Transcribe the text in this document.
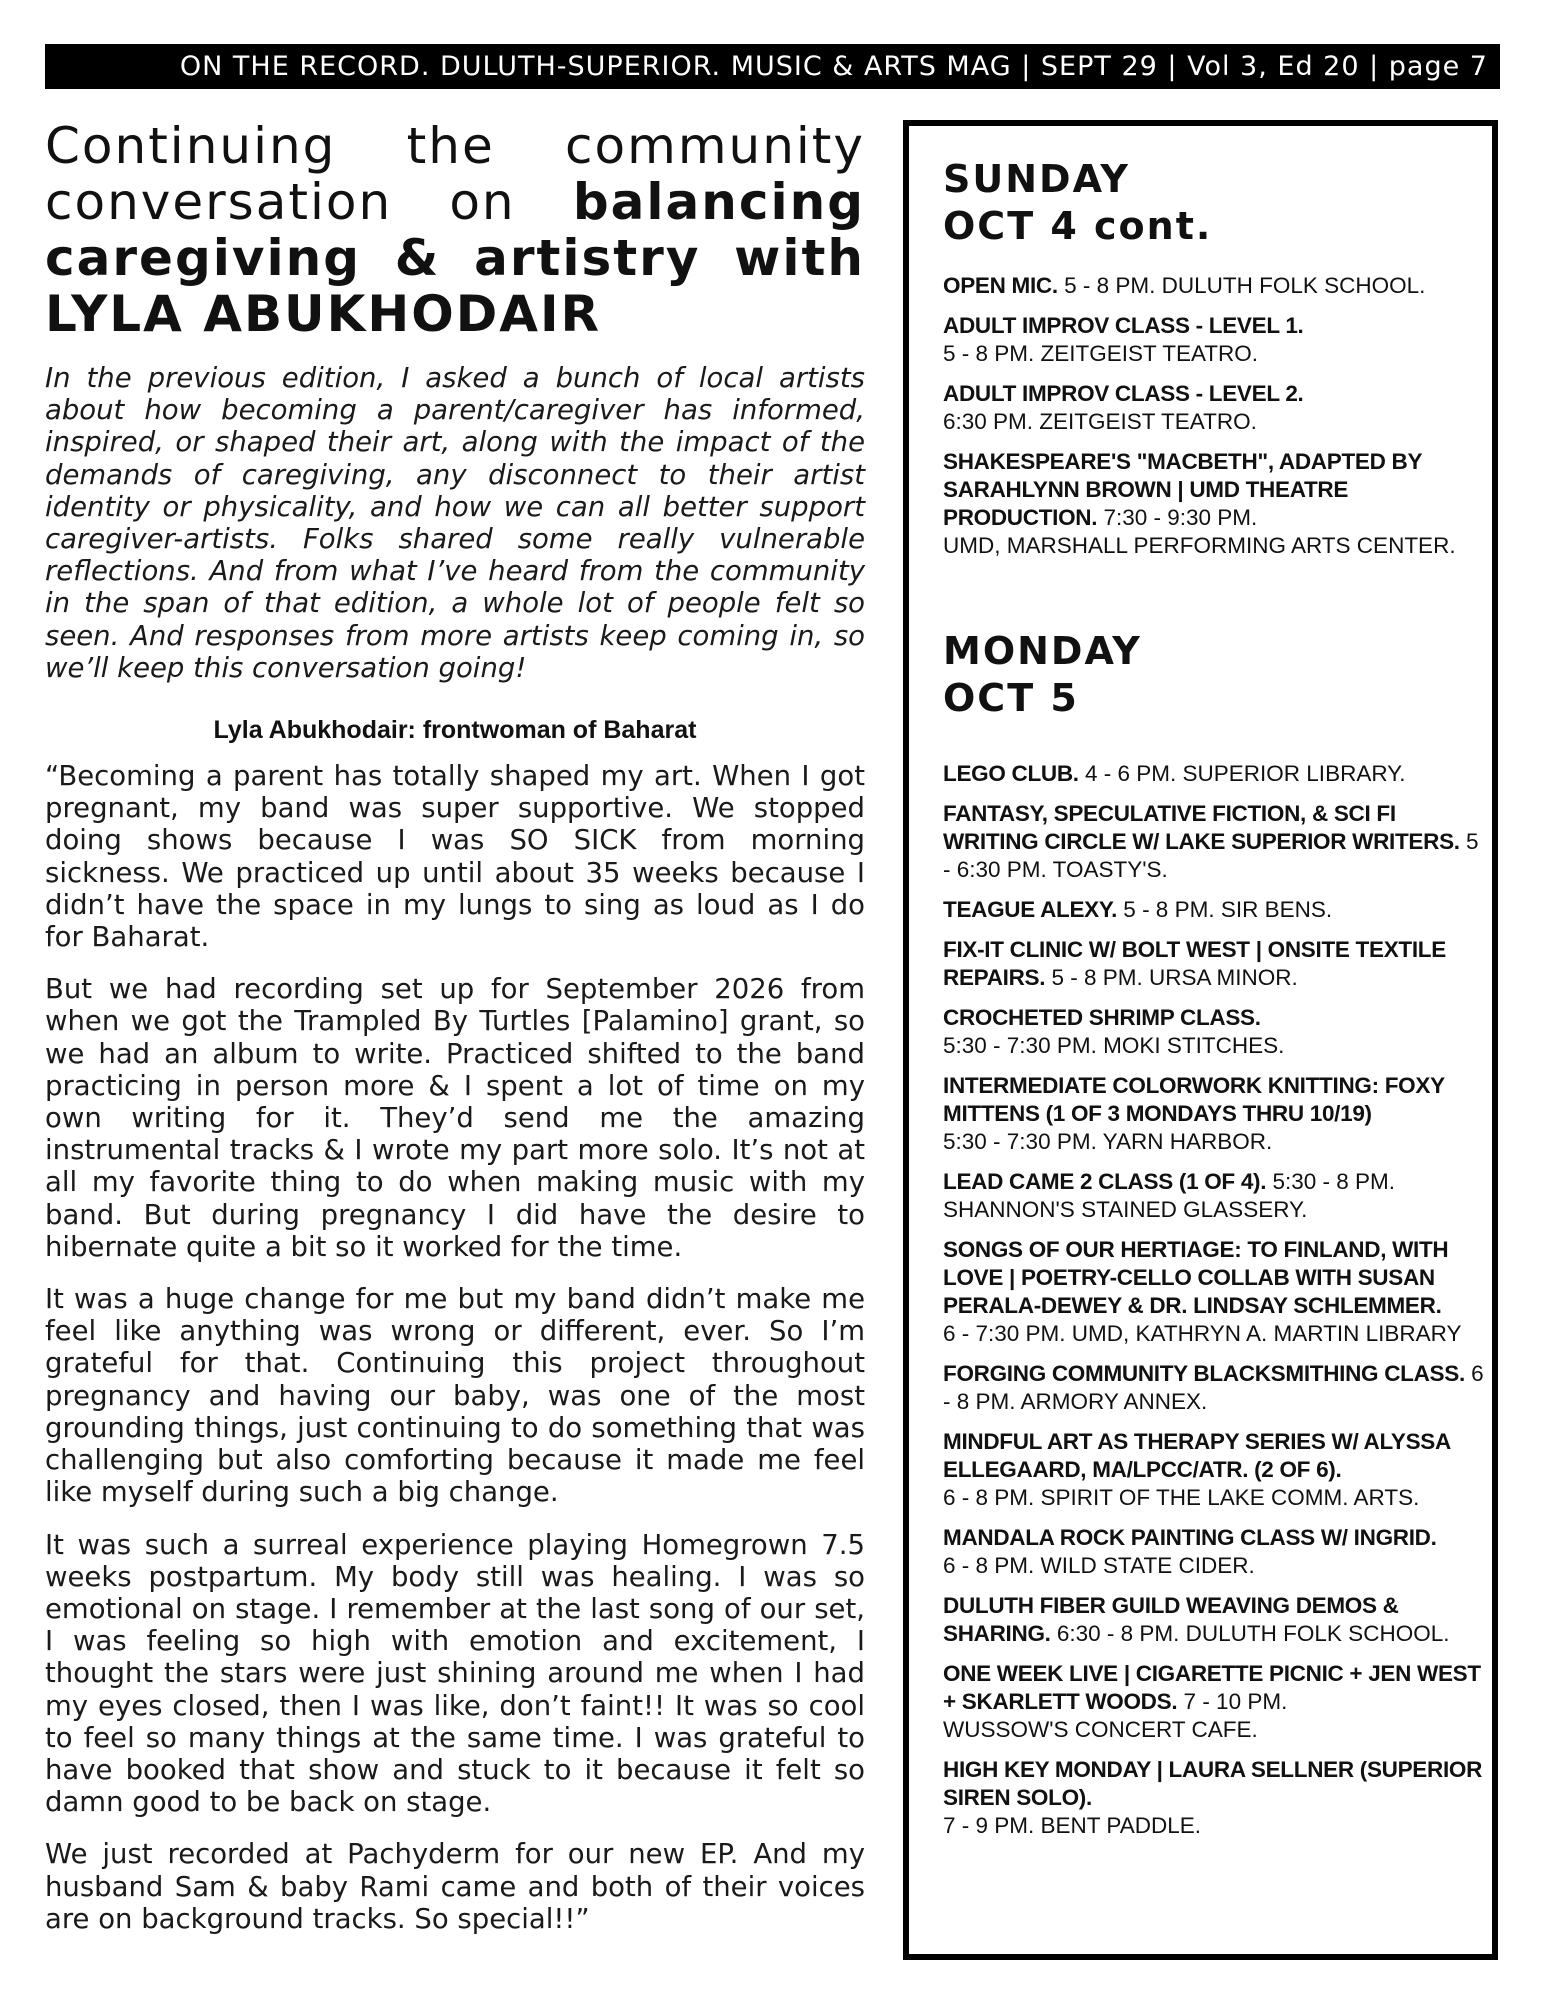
ON THE RECORD. DULUTH-SUPERIOR. MUSIC & ARTS MAG | SEPT 29 | Vol 3, Ed 20 | page 7
Continuing the community conversation on balancing caregiving & artistry with LYLA ABUKHODAIR

In the previous edition, I asked a bunch of local artists about how becoming a parent/caregiver has informed, inspired, or shaped their art, along with the impact of the demands of caregiving, any disconnect to their artist identity or physicality, and how we can all better support caregiver-artists. Folks shared some really vulnerable reflections. And from what I’ve heard from the community in the span of that edition, a whole lot of people felt so seen. And responses from more artists keep coming in, so we’ll keep this conversation going!

Lyla Abukhodair: frontwoman of Baharat

“Becoming a parent has totally shaped my art. When I got pregnant, my band was super supportive. We stopped doing shows because I was SO SICK from morning sickness. We practiced up until about 35 weeks because I didn’t have the space in my lungs to sing as loud as I do for Baharat.

But we had recording set up for September 2026 from when we got the Trampled By Turtles [Palamino] grant, so we had an album to write. Practiced shifted to the band practicing in person more & I spent a lot of time on my own writing for it. They’d send me the amazing instrumental tracks & I wrote my part more solo. It’s not at all my favorite thing to do when making music with my band. But during pregnancy I did have the desire to hibernate quite a bit so it worked for the time.

It was a huge change for me but my band didn’t make me feel like anything was wrong or different, ever. So I’m grateful for that. Continuing this project throughout pregnancy and having our baby, was one of the most grounding things, just continuing to do something that was challenging but also comforting because it made me feel like myself during such a big change.

It was such a surreal experience playing Homegrown 7.5 weeks postpartum. My body still was healing. I was so emotional on stage. I remember at the last song of our set, I was feeling so high with emotion and excitement, I thought the stars were just shining around me when I had my eyes closed, then I was like, don’t faint!! It was so cool to feel so many things at the same time. I was grateful to have booked that show and stuck to it because it felt so damn good to be back on stage.

We just recorded at Pachyderm for our new EP. And my husband Sam & baby Rami came and both of their voices are on background tracks. So special!!”

SUNDAY
OCT 4 cont.
OPEN MIC. 5 - 8 PM. DULUTH FOLK SCHOOL.
ADULT IMPROV CLASS - LEVEL 1.
5 - 8 PM. ZEITGEIST TEATRO.
ADULT IMPROV CLASS - LEVEL 2.
6:30 PM. ZEITGEIST TEATRO.
SHAKESPEARE'S "MACBETH", ADAPTED BY SARAHLYNN BROWN | UMD THEATRE PRODUCTION. 7:30 - 9:30 PM.
UMD, MARSHALL PERFORMING ARTS CENTER.
MONDAY
OCT 5
LEGO CLUB. 4 - 6 PM. SUPERIOR LIBRARY.
FANTASY, SPECULATIVE FICTION, & SCI FI WRITING CIRCLE W/ LAKE SUPERIOR WRITERS. 5 - 6:30 PM. TOASTY'S.
TEAGUE ALEXY. 5 - 8 PM. SIR BENS.
FIX-IT CLINIC W/ BOLT WEST | ONSITE TEXTILE REPAIRS. 5 - 8 PM. URSA MINOR.
CROCHETED SHRIMP CLASS.
5:30 - 7:30 PM. MOKI STITCHES.
INTERMEDIATE COLORWORK KNITTING: FOXY MITTENS (1 OF 3 MONDAYS THRU 10/19)
5:30 - 7:30 PM. YARN HARBOR.
LEAD CAME 2 CLASS (1 OF 4). 5:30 - 8 PM.
SHANNON'S STAINED GLASSERY.
SONGS OF OUR HERTIAGE: TO FINLAND, WITH LOVE | POETRY-CELLO COLLAB WITH SUSAN PERALA-DEWEY & DR. LINDSAY SCHLEMMER.
6 - 7:30 PM. UMD, KATHRYN A. MARTIN LIBRARY
FORGING COMMUNITY BLACKSMITHING CLASS. 6 - 8 PM. ARMORY ANNEX.
MINDFUL ART AS THERAPY SERIES W/ ALYSSA ELLEGAARD, MA/LPCC/ATR. (2 OF 6).
6 - 8 PM. SPIRIT OF THE LAKE COMM. ARTS.
MANDALA ROCK PAINTING CLASS W/ INGRID.
6 - 8 PM. WILD STATE CIDER.
DULUTH FIBER GUILD WEAVING DEMOS & SHARING. 6:30 - 8 PM. DULUTH FOLK SCHOOL.
ONE WEEK LIVE | CIGARETTE PICNIC + JEN WEST + SKARLETT WOODS. 7 - 10 PM.
WUSSOW'S CONCERT CAFE.
HIGH KEY MONDAY | LAURA SELLNER (SUPERIOR SIREN SOLO).
7 - 9 PM. BENT PADDLE.
